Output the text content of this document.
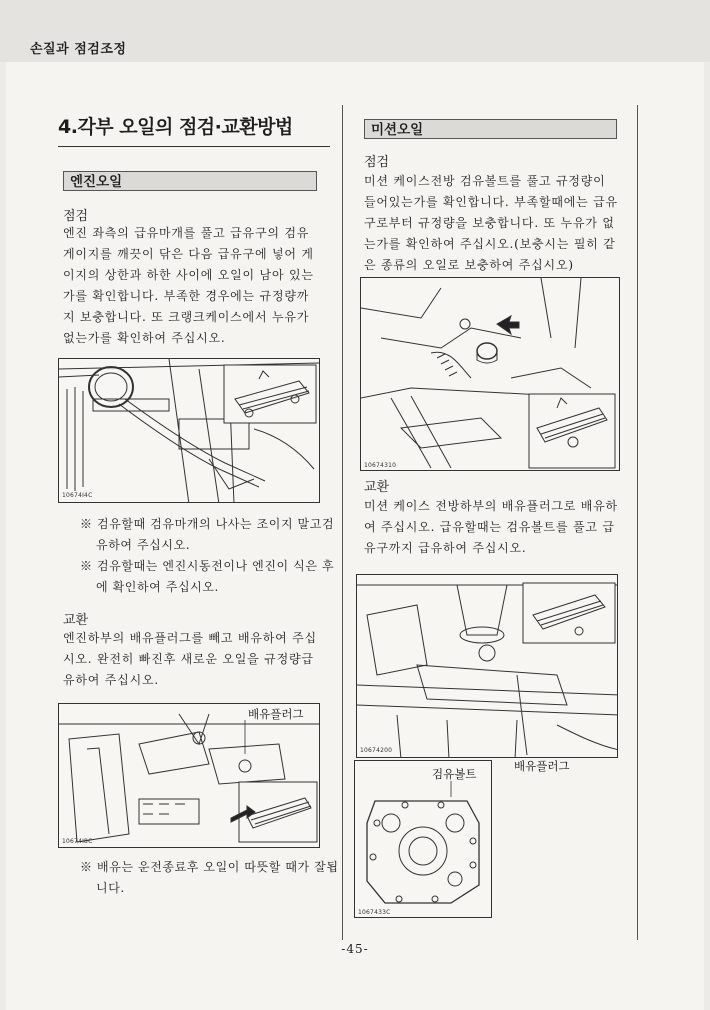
손질과 점검조정
4.각부 오일의 점검·교환방법
엔진오일
점검

엔진 좌측의 급유마개를 풀고 급유구의 검유게이지를 깨끗이 닦은 다음 급유구에 넣어 게이지의 상한과 하한 사이에 오일이 남아 있는가를 확인합니다. 부족한 경우에는 규정량까지 보충합니다. 또 크랭크케이스에서 누유가 없는가를 확인하여 주십시오.

10674I4C

※ 검유할때 검유마개의 나사는 조이지 말고검유하여 주십시오.

※ 검유할때는 엔진시동전이나 엔진이 식은 후에 확인하여 주십시오.

교환

엔진하부의 배유플러그를 빼고 배유하여 주십시오. 완전히 빠진후 새로운 오일을 규정량급유하여 주십시오.

10674I8C
배유플러그

※ 배유는 운전종료후 오일이 따뜻할 때가 잘됩니다.

미션오일
점검

미션 케이스전방 검유볼트를 풀고 규정량이 들어있는가를 확인합니다. 부족할때에는 급유구로부터 규정량을 보충합니다. 또 누유가 없는가를 확인하여 주십시오.(보충시는 필히 같은 종류의 오일로 보충하여 주십시오)

10674310
교환

미션 케이스 전방하부의 배유플러그로 배유하여 주십시오. 급유할때는 검유볼트를 풀고 급유구까지 급유하여 주십시오.

10674200
배유플러그
1067433C
검유볼트
-45-
